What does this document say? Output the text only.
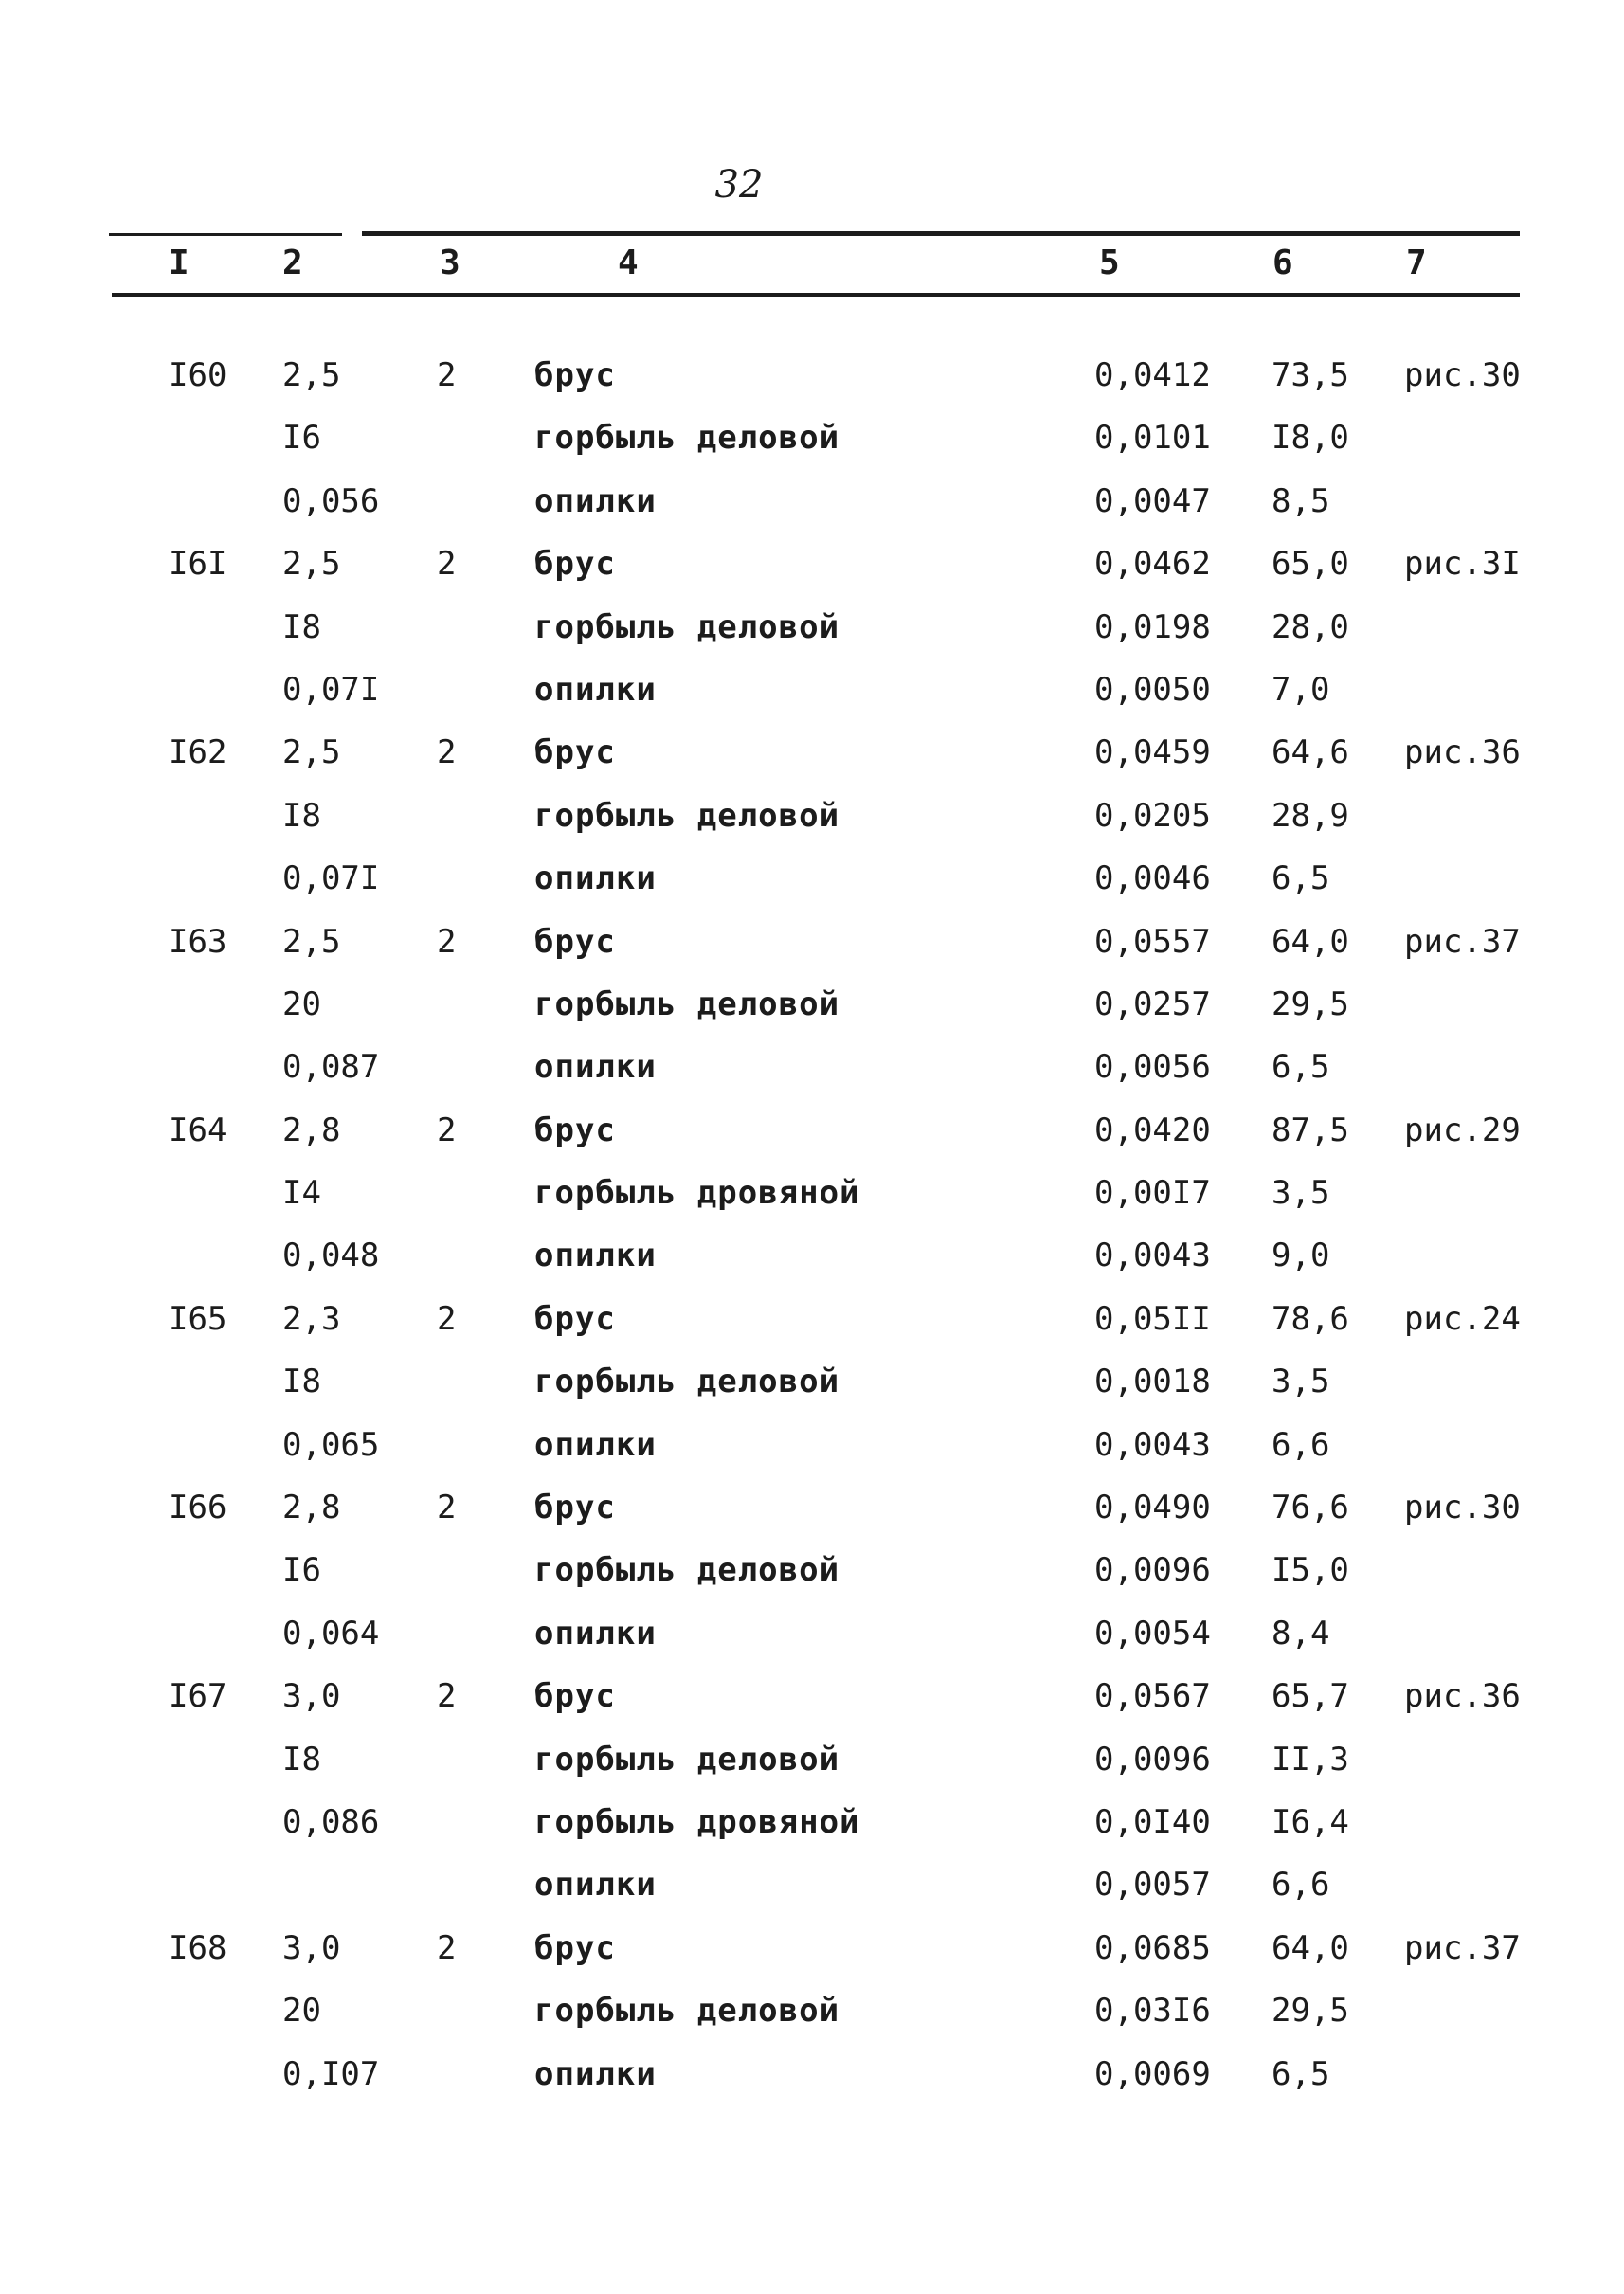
32
I	2	3	4	5	6	7
I60 2,5	2 брус	0,0412 73,5 рис.30
I6	горбыль деловой	0,0101 I8,0
0,056	опилки	0,0047 8,5
I6I 2,5	2 брус	0,0462 65,0 рис.3I
I8	горбыль деловой	0,0198 28,0
0,07I	опилки	0,0050 7,0
I62 2,5	2 брус	0,0459 64,6 рис.36
I8	горбыль деловой	0,0205 28,9
0,07I	опилки	0,0046 6,5
I63 2,5	2 брус	0,0557 64,0 рис.37
20	горбыль деловой	0,0257 29,5
0,087	опилки	0,0056 6,5
I64 2,8	2 брус	0,0420 87,5 рис.29
I4	горбыль дровяной	0,00I7 3,5
0,048	опилки	0,0043 9,0
I65 2,3	2 брус	0,05II 78,6 рис.24
I8	горбыль деловой	0,0018 3,5
0,065	опилки	0,0043 6,6
I66 2,8	2 брус	0,0490 76,6 рис.30
I6	горбыль деловой	0,0096 I5,0
0,064	опилки	0,0054 8,4
I67 3,0	2 брус	0,0567 65,7 рис.36
I8	горбыль деловой	0,0096 II,3
0,086	горбыль дровяной	0,0I40 I6,4
опилки	0,0057 6,6
I68 3,0	2 брус	0,0685 64,0 рис.37
20	горбыль деловой	0,03I6 29,5
0,I07	опилки	0,0069 6,5
